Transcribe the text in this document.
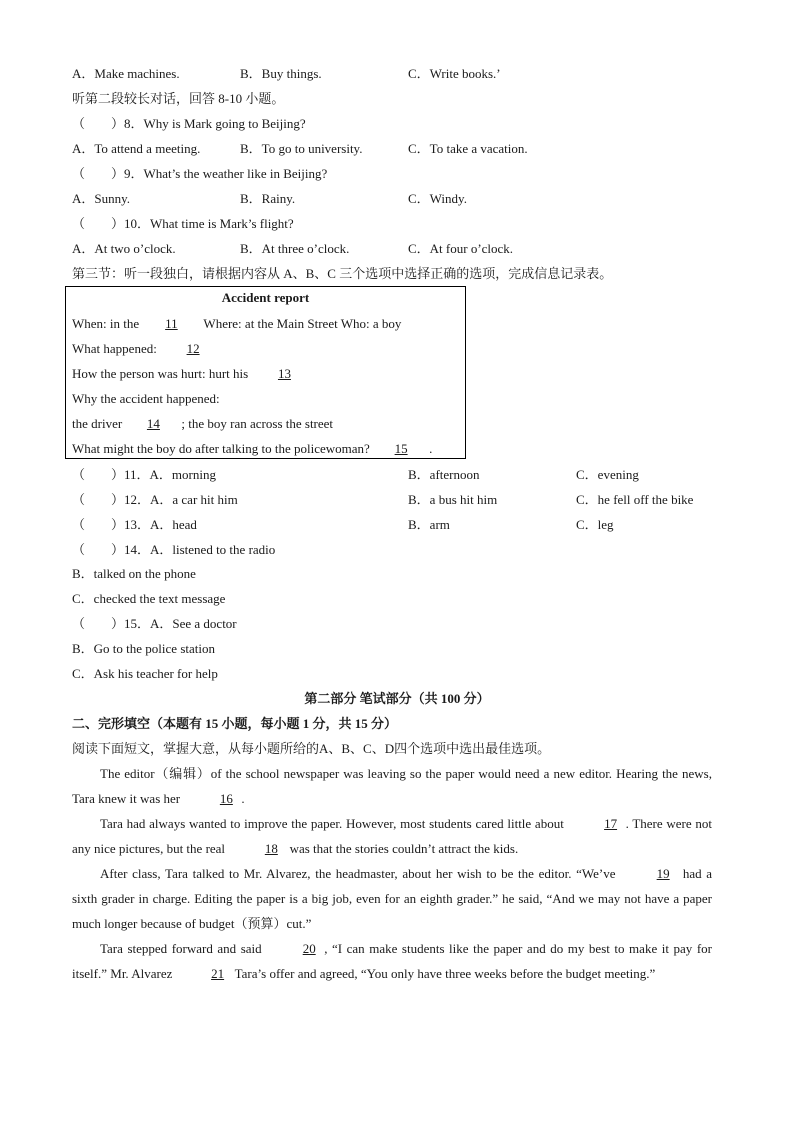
A．Make machines.	B．Buy things.	C．Write books.’
听第二段较长对话，回答 8-10 小题。
（　　）8．Why is Mark going to Beijing?
A．To attend a meeting.	B．To go to university.	C．To take a vacation.
（　　）9．What’s the weather like in Beijing?
A．Sunny.	B．Rainy.	C．Windy.
（　　）10．What time is Mark’s flight?
A．At two o’clock.	B．At three o’clock.	C．At four o’clock.
第三节：听一段独白，请根据内容从 A、B、C 三个选项中选择正确的选项，完成信息记录表。
Accident report
When: in the 11 Where: at the Main Street Who: a boy
What happened: 12
How the person was hurt: hurt his 13
Why the accident happened:
the driver 14 ; the boy ran across the street
What might the boy do after talking to the policewoman? 15 .
（　　）11．A．morning	B．afternoon	C．evening
（　　）12．A．a car hit him	B．a bus hit him	C．he fell off the bike
（　　）13．A．head	B．arm	C．leg
（　　）14．A．listened to the radio
B．talked on the phone
C．checked the text message
（　　）15．A．See a doctor
B．Go to the police station
C．Ask his teacher for help
第二部分 笔试部分（共 100 分）
二、完形填空（本题有 15 小题，每小题 1 分，共 15 分）
阅读下面短文，掌握大意，从每小题所给的A、B、C、D四个选项中选出最佳选项。
The editor（编辑）of the school newspaper was leaving so the paper would need a new editor. Hearing the news, Tara knew it was her	16 .
Tara had always wanted to improve the paper. However, most students cared little about	17 . There were not any nice pictures, but the real	18 was that the stories couldn’t attract the kids.
After class, Tara talked to Mr. Alvarez, the headmaster, about her wish to be the editor. “We’ve	19 had a sixth grader in charge. Editing the paper is a big job, even for an eighth grader.” he said, “And we may not have a paper much longer because of budget（预算）cut.”
Tara stepped forward and said	20 , “I can make students like the paper and do my best to make it pay for itself.” Mr. Alvarez	21 Tara’s offer and agreed, “You only have three weeks before the budget meeting.”
